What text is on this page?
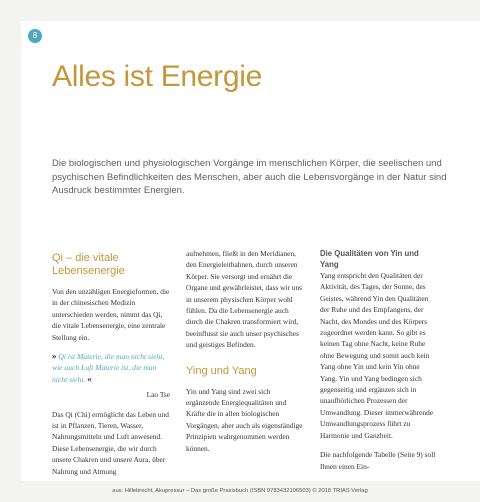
8
Alles ist Energie
Die biologischen und physiologischen Vorgänge im menschlichen Körper, die seelischen und psychischen Befindlichkeiten des Menschen, aber auch die Lebensvorgänge in der Natur sind Ausdruck bestimmter Energien.
Qi – die vitale Lebensenergie

Von den unzähligen Energieformen, die in der chinesischen Medizin unterschieden werden, nimmt das Qi, die vitale Lebensenergie, eine zentrale Stellung ein.

» Qi ist Materie, die man nicht sieht, wie auch Luft Materie ist, die man nicht sieht. «
Lao Tse

Das Qi (Chi) ermöglicht das Leben und ist in Pflanzen, Tieren, Wasser, Nahrungsmitteln und Luft anwesend. Diese Lebensenergie, die wir durch unsere Chakren und unsere Aura, über Nahrung und Atmung

aufnehmen, fließt in den Meridianen, den Energieleitbahnen, durch unseren Körper. Sie versorgt und ernährt die Organe und gewährleistet, dass wir uns in unserem physischen Körper wohl fühlen. Da die Lebensenergie auch durch die Chakren transformiert wird, beeinflusst sie auch unser psychisches und geistiges Befinden.

Ying und Yang

Yin und Yang sind zwei sich ergänzende Energiequalitäten und Kräfte die in allen biologischen Vorgängen, aber auch als eigenständige Prinzipien wahrgenommen werden können.

Die Qualitäten von Yin und Yang

Yang entspricht den Qualitäten der Aktivität, des Tages, der Sonne, des Geistes, während Yin den Qualitäten der Ruhe und des Empfangens, der Nacht, des Mondes und des Körpers zugeordnet werden kann. So gibt es keinen Tag ohne Nacht, keine Ruhe ohne Bewegung und somit auch kein Yang ohne Yin und kein Yin ohne Yang. Yin und Yang bedingen sich gegenseitig und ergänzen sich in unaufhörlichen Prozessen der Umwandlung. Dieser immerwährende Umwandlungsprozess führt zu Harmonie und Ganzheit.

Die nachfolgende Tabelle (Seite 9) soll Ihnen einen Ein-

aus: Hillebrecht, Akupressur – Das große Praxisbuch (ISBN 9783432106503) © 2018 TRIAS Verlag
